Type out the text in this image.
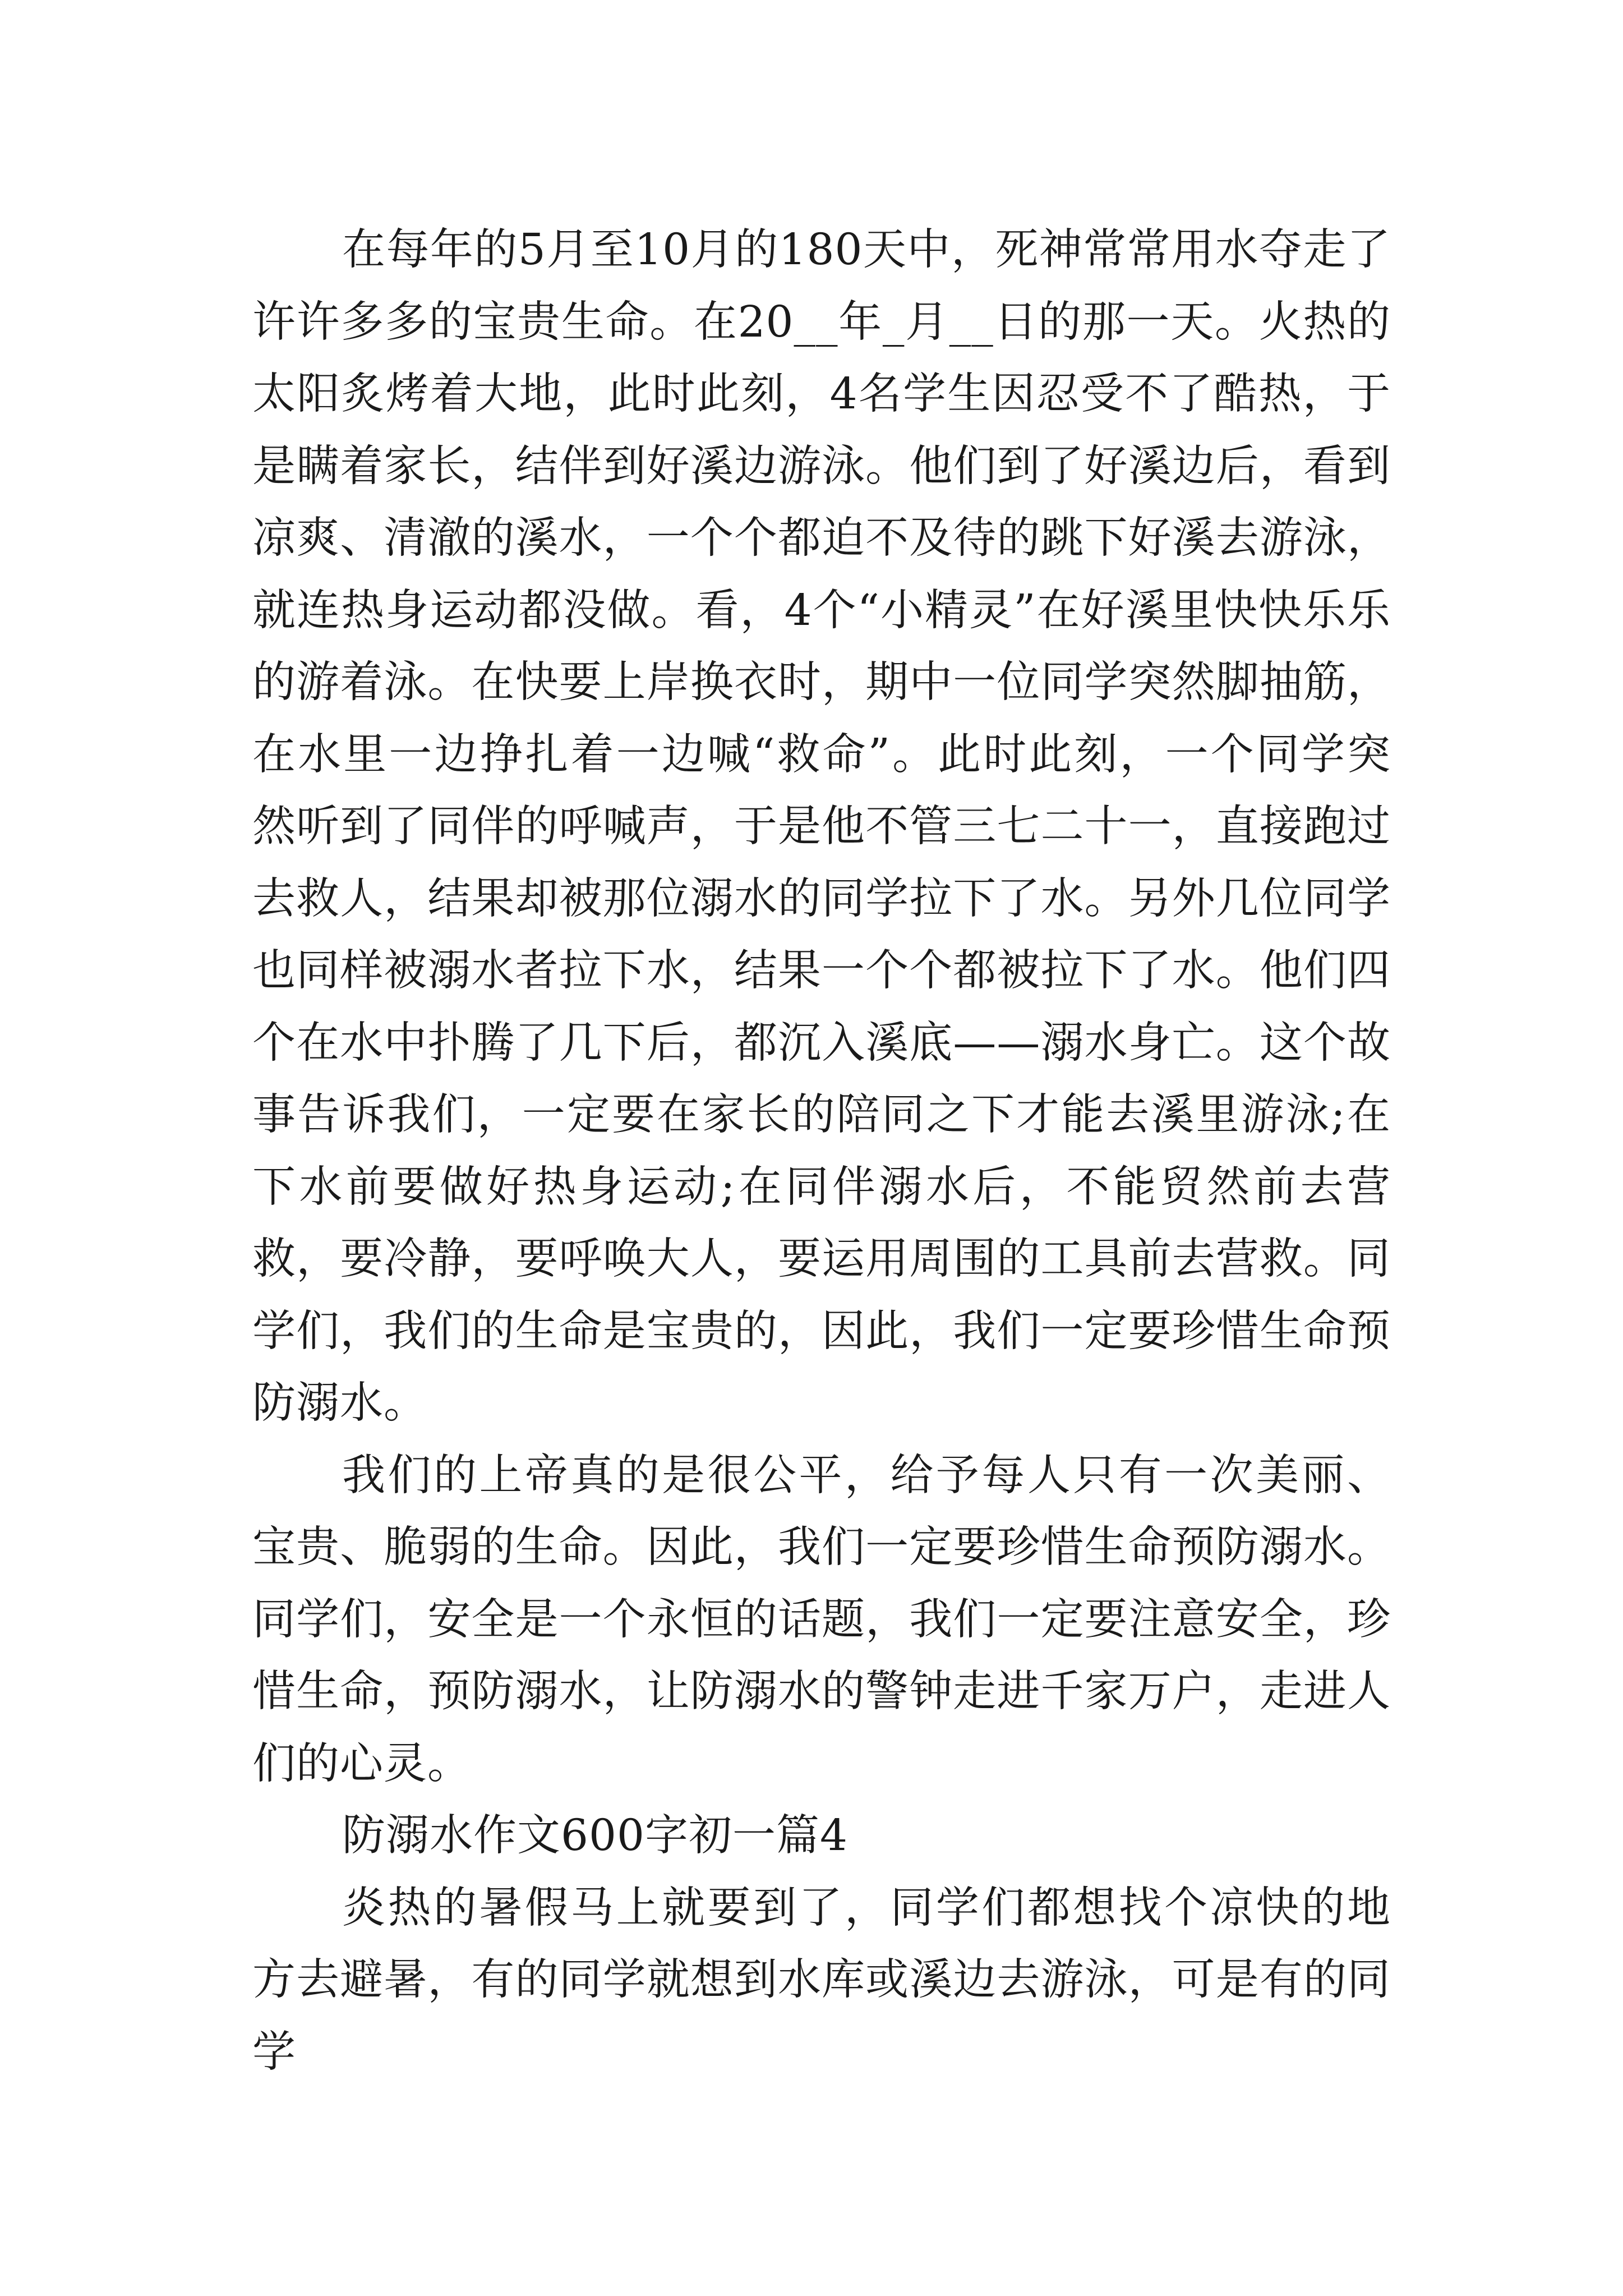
在每年的5月至10月的180天中，死神常常用水夺走了许许多多的宝贵生命。在20__年_月__日的那一天。火热的太阳炙烤着大地，此时此刻，4名学生因忍受不了酷热，于是瞒着家长，结伴到好溪边游泳。他们到了好溪边后，看到凉爽、清澈的溪水，一个个都迫不及待的跳下好溪去游泳，就连热身运动都没做。看，4个“小精灵”在好溪里快快乐乐的游着泳。在快要上岸换衣时，期中一位同学突然脚抽筋，在水里一边挣扎着一边喊“救命”。此时此刻，一个同学突然听到了同伴的呼喊声，于是他不管三七二十一，直接跑过去救人，结果却被那位溺水的同学拉下了水。另外几位同学也同样被溺水者拉下水，结果一个个都被拉下了水。他们四个在水中扑腾了几下后，都沉入溪底——溺水身亡。这个故事告诉我们，一定要在家长的陪同之下才能去溪里游泳;在下水前要做好热身运动;在同伴溺水后，不能贸然前去营救，要冷静，要呼唤大人，要运用周围的工具前去营救。同学们，我们的生命是宝贵的，因此，我们一定要珍惜生命预防溺水。

我们的上帝真的是很公平，给予每人只有一次美丽、宝贵、脆弱的生命。因此，我们一定要珍惜生命预防溺水。同学们，安全是一个永恒的话题，我们一定要注意安全，珍惜生命，预防溺水，让防溺水的警钟走进千家万户，走进人们的心灵。

防溺水作文600字初一篇4

炎热的暑假马上就要到了，同学们都想找个凉快的地方去避暑，有的同学就想到水库或溪边去游泳，可是有的同学
